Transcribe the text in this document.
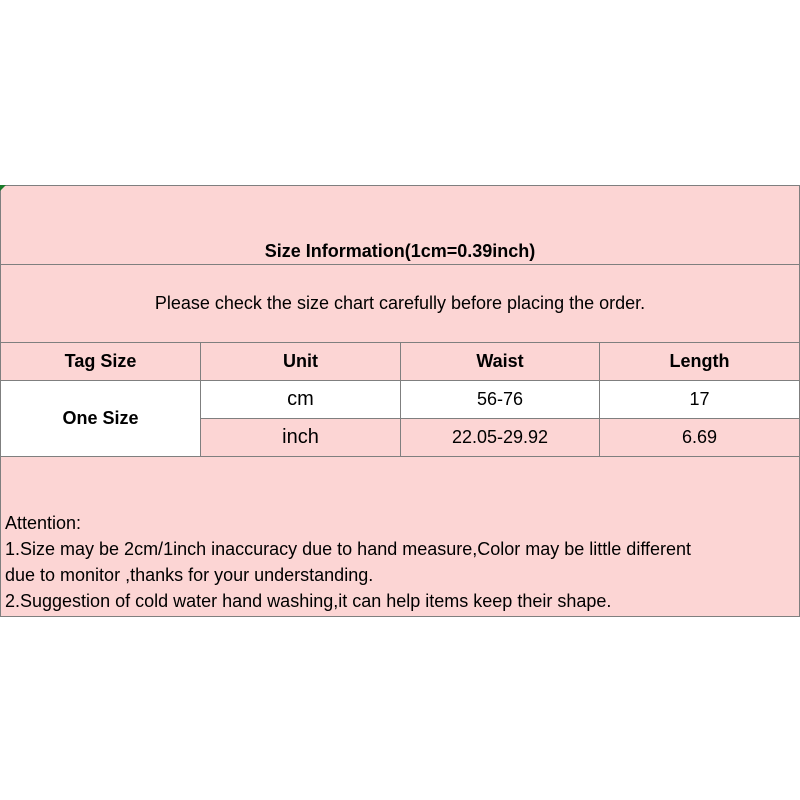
Size Information(1cm=0.39inch)			
Please check the size chart carefully before placing the order.			
Tag Size	Unit	Waist	Length
One Size	cm	56-76	17
	inch	22.05-29.92	6.69

Attention:
1.Size may be 2cm/1inch inaccuracy due to hand measure,Color may be little different
due to monitor ,thanks for your understanding.
2.Suggestion of cold water hand washing,it can help items keep their shape.			
